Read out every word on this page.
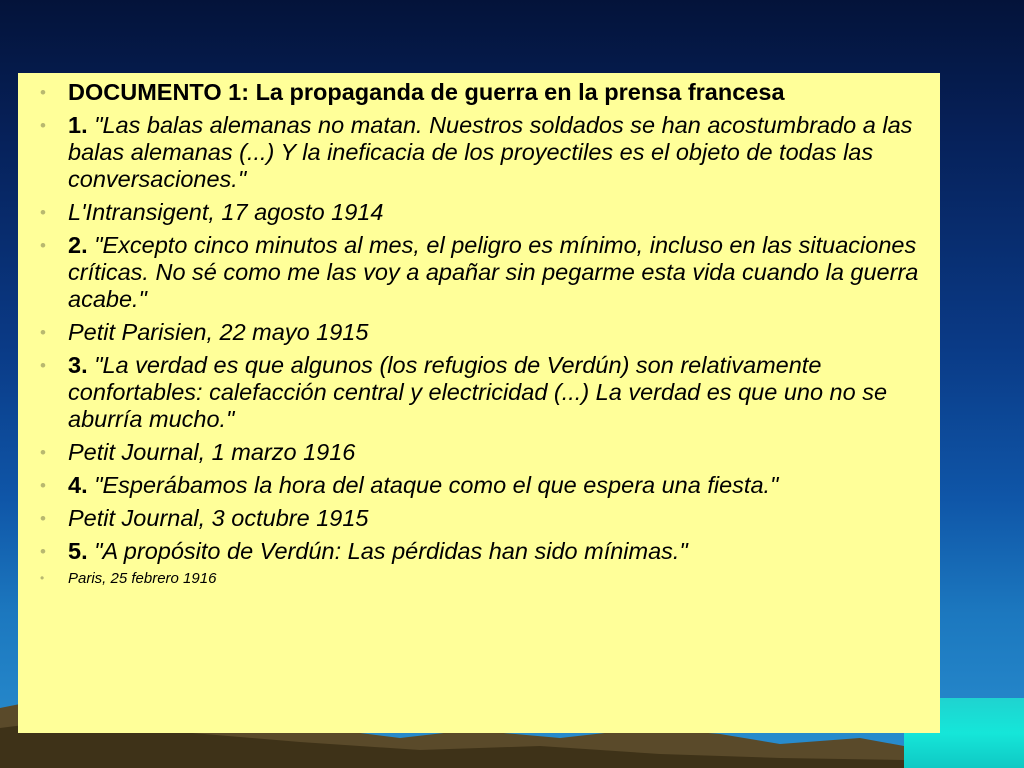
• DOCUMENTO 1: La propaganda de guerra en la prensa francesa
• 1. "Las balas alemanas no matan. Nuestros soldados se han acostumbrado a las balas alemanas (...) Y la ineficacia de los proyectiles es el objeto de todas las conversaciones."
• L'Intransigent, 17 agosto 1914
• 2. "Excepto cinco minutos al mes, el peligro es mínimo, incluso en las situaciones críticas. No sé como me las voy a apañar sin pegarme esta vida cuando la guerra acabe."
• Petit Parisien, 22 mayo 1915
• 3. "La verdad es que algunos (los refugios de Verdún) son relativamente confortables: calefacción central y electricidad (...) La verdad es que uno no se aburría mucho."
• Petit Journal, 1 marzo 1916
• 4. "Esperábamos la hora del ataque como el que espera una fiesta."
• Petit Journal, 3 octubre 1915
• 5. "A propósito de Verdún: Las pérdidas han sido mínimas."
• Paris, 25 febrero 1916
